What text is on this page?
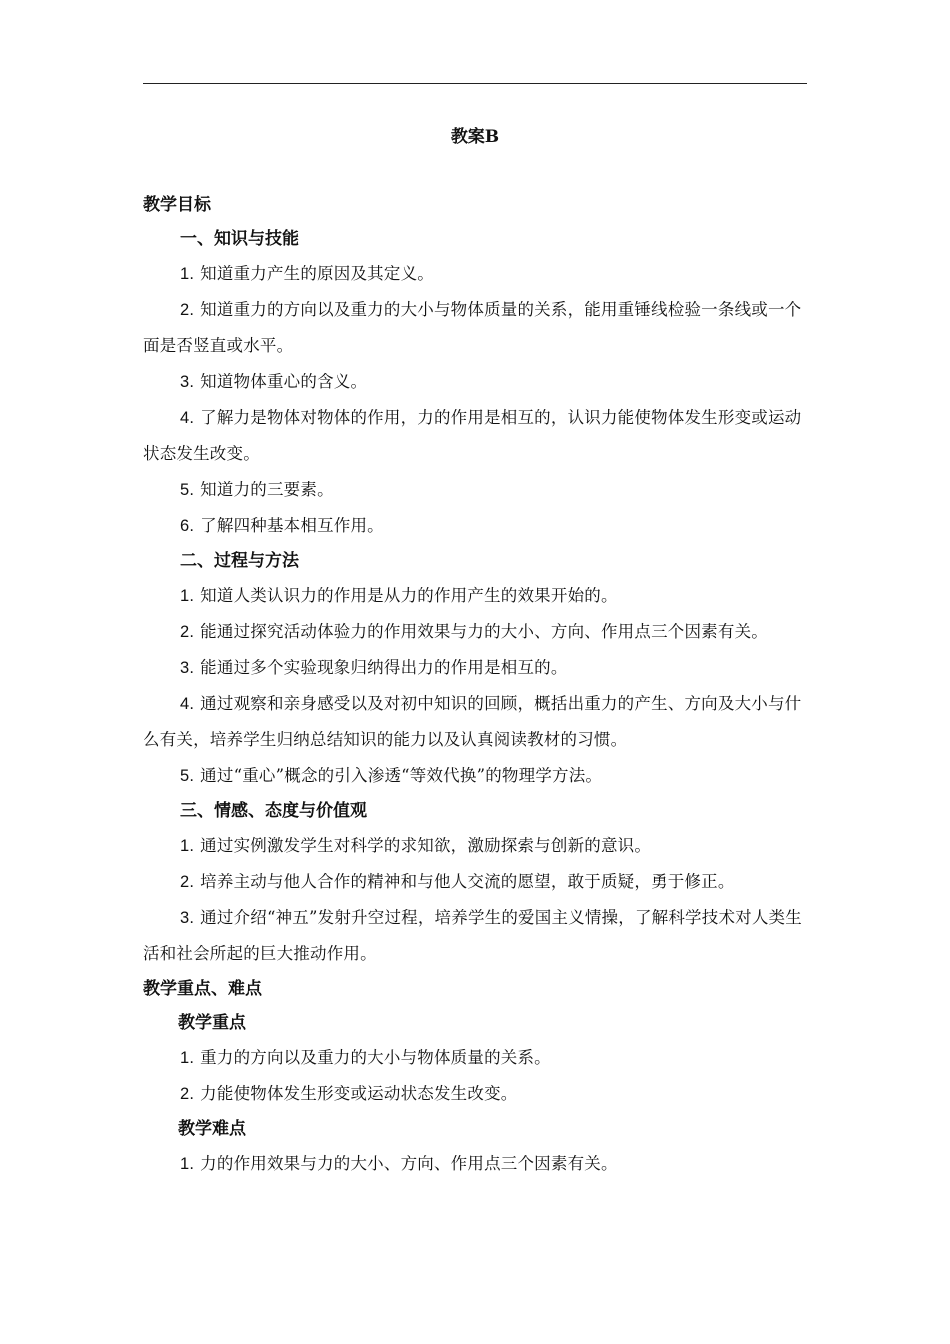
教案B
教学目标
一、知识与技能

1. 知道重力产生的原因及其定义。

2. 知道重力的方向以及重力的大小与物体质量的关系，能用重锤线检验一条线或一个面是否竖直或水平。

3. 知道物体重心的含义。

4. 了解力是物体对物体的作用，力的作用是相互的，认识力能使物体发生形变或运动状态发生改变。

5. 知道力的三要素。

6. 了解四种基本相互作用。

二、过程与方法

1. 知道人类认识力的作用是从力的作用产生的效果开始的。

2. 能通过探究活动体验力的作用效果与力的大小、方向、作用点三个因素有关。

3. 能通过多个实验现象归纳得出力的作用是相互的。

4. 通过观察和亲身感受以及对初中知识的回顾，概括出重力的产生、方向及大小与什么有关，培养学生归纳总结知识的能力以及认真阅读教材的习惯。

5. 通过“重心”概念的引入渗透“等效代换”的物理学方法。

三、情感、态度与价值观

1. 通过实例激发学生对科学的求知欲，激励探索与创新的意识。

2. 培养主动与他人合作的精神和与他人交流的愿望，敢于质疑，勇于修正。

3. 通过介绍“神五”发射升空过程，培养学生的爱国主义情操，了解科学技术对人类生活和社会所起的巨大推动作用。

教学重点、难点
教学重点

1. 重力的方向以及重力的大小与物体质量的关系。

2. 力能使物体发生形变或运动状态发生改变。

教学难点

1. 力的作用效果与力的大小、方向、作用点三个因素有关。
